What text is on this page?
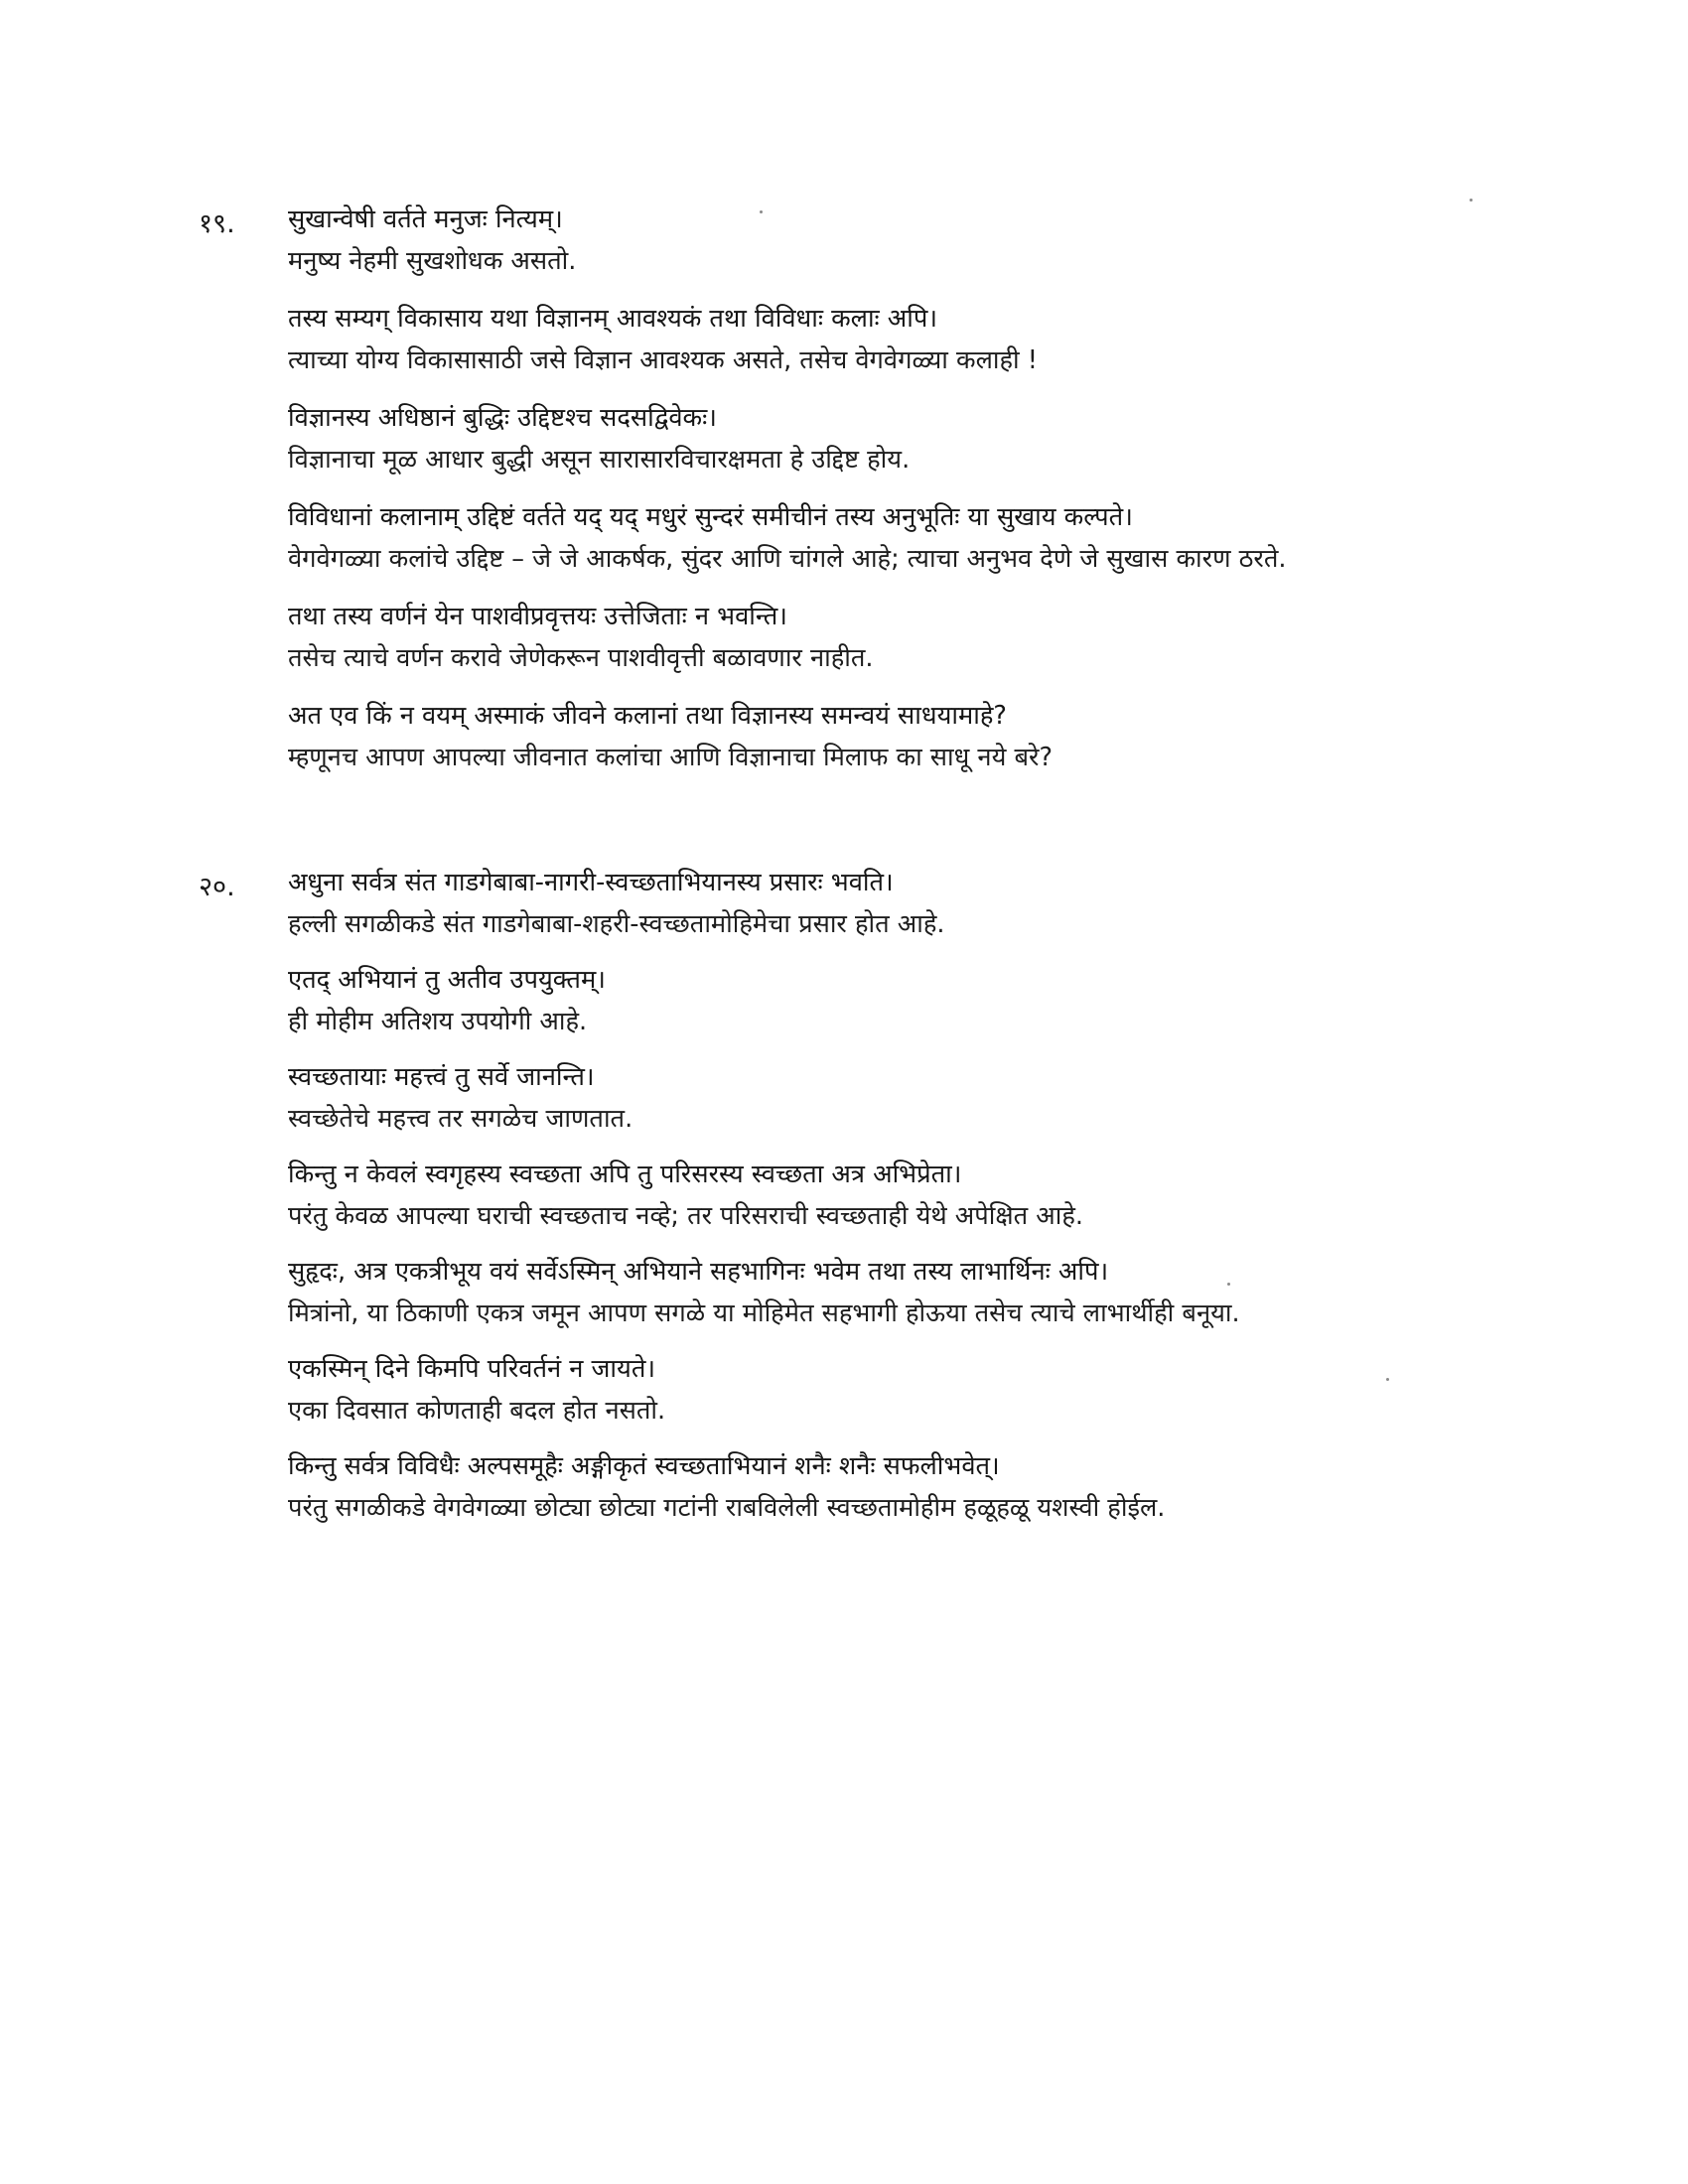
१९. सुखान्वेषी वर्तते मनुजः नित्यम्।
मनुष्य नेहमी सुखशोधक असतो.
तस्य सम्यग् विकासाय यथा विज्ञानम् आवश्यकं तथा विविधाः कलाः अपि।
त्याच्या योग्य विकासासाठी जसे विज्ञान आवश्यक असते, तसेच वेगवेगळ्या कलाही !
विज्ञानस्य अधिष्ठानं बुद्धिः उद्दिष्टश्च सदसद्विवेकः।
विज्ञानाचा मूळ आधार बुद्धी असून सारासारविचारक्षमता हे उद्दिष्ट होय.
विविधानां कलानाम् उद्दिष्टं वर्तते यद् यद् मधुरं सुन्दरं समीचीनं तस्य अनुभूतिः या सुखाय कल्पते।
वेगवेगळ्या कलांचे उद्दिष्ट – जे जे आकर्षक, सुंदर आणि चांगले आहे; त्याचा अनुभव देणे जे सुखास कारण ठरते.
तथा तस्य वर्णनं येन पाशवीप्रवृत्तयः उत्तेजिताः न भवन्ति।
तसेच त्याचे वर्णन करावे जेणेकरून पाशवीवृत्ती बळावणार नाहीत.
अत एव किं न वयम् अस्माकं जीवने कलानां तथा विज्ञानस्य समन्वयं साधयामाहे?
म्हणूनच आपण आपल्या जीवनात कलांचा आणि विज्ञानाचा मिलाफ का साधू नये बरे?
२०. अधुना सर्वत्र संत गाडगेबाबा-नागरी-स्वच्छताभियानस्य प्रसारः भवति।
हल्ली सगळीकडे संत गाडगेबाबा-शहरी-स्वच्छतामोहिमेचा प्रसार होत आहे.
एतद् अभियानं तु अतीव उपयुक्तम्।
ही मोहीम अतिशय उपयोगी आहे.
स्वच्छतायाः महत्त्वं तु सर्वे जानन्ति।
स्वच्छेतेचे महत्त्व तर सगळेच जाणतात.
किन्तु न केवलं स्वगृहस्य स्वच्छता अपि तु परिसरस्य स्वच्छता अत्र अभिप्रेता।
परंतु केवळ आपल्या घराची स्वच्छताच नव्हे; तर परिसराची स्वच्छताही येथे अपेक्षित आहे.
सुहृदः, अत्र एकत्रीभूय वयं सर्वेऽस्मिन् अभियाने सहभागिनः भवेम तथा तस्य लाभार्थिनः अपि।
मित्रांनो, या ठिकाणी एकत्र जमून आपण सगळे या मोहिमेत सहभागी होऊया तसेच त्याचे लाभार्थीही बनूया.
एकस्मिन् दिने किमपि परिवर्तनं न जायते।
एका दिवसात कोणताही बदल होत नसतो.
किन्तु सर्वत्र विविधैः अल्पसमूहैः अङ्गीकृतं स्वच्छताभियानं शनैः शनैः सफलीभवेत्।
परंतु सगळीकडे वेगवेगळ्या छोट्या छोट्या गटांनी राबविलेली स्वच्छतामोहीम हळूहळू यशस्वी होईल.
